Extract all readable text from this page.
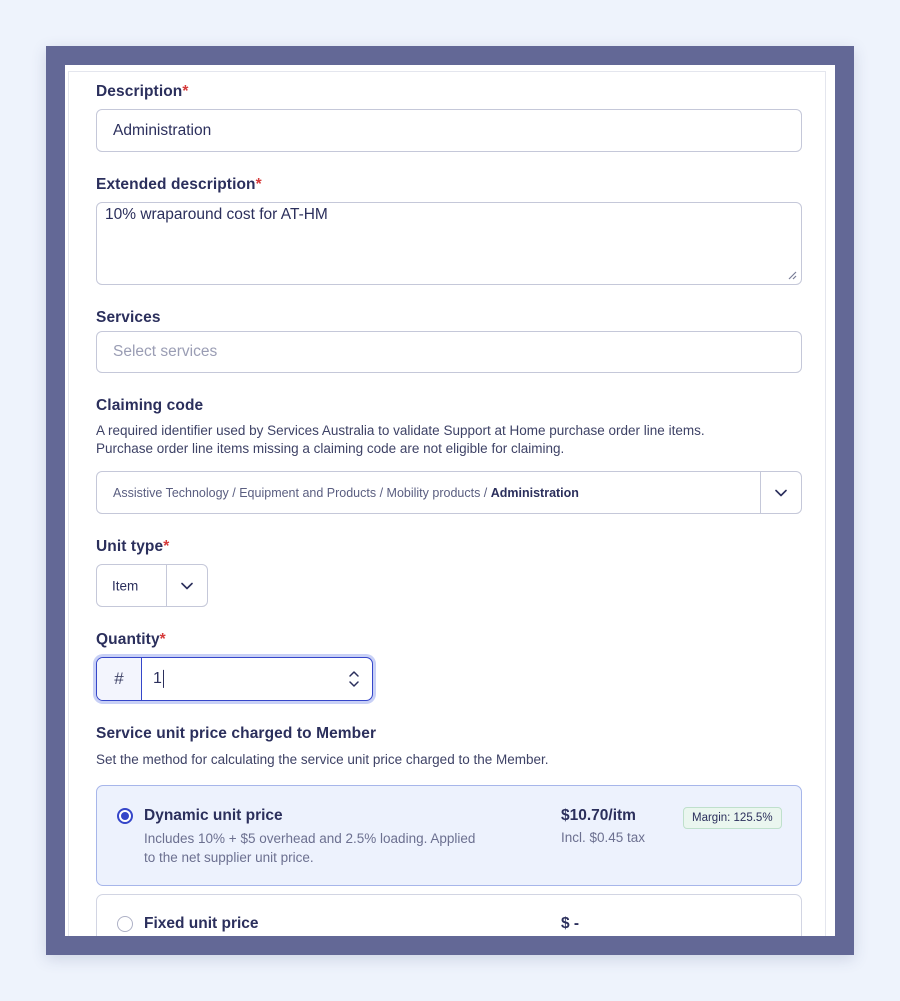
Description*
Administration
Extended description*
10% wraparound cost for AT-HM
Services
Select services
Claiming code
A required identifier used by Services Australia to validate Support at Home purchase order line items.
Purchase order line items missing a claiming code are not eligible for claiming.
Assistive Technology / Equipment and Products / Mobility products / Administration
Unit type*
Item
Quantity*
#	1
Service unit price charged to Member
Set the method for calculating the service unit price charged to the Member.
Dynamic unit price
Includes 10% + $5 overhead and 2.5% loading. Applied to the net supplier unit price.
$10.70/itm
Incl. $0.45 tax
Margin: 125.5%
Fixed unit price	$ -
